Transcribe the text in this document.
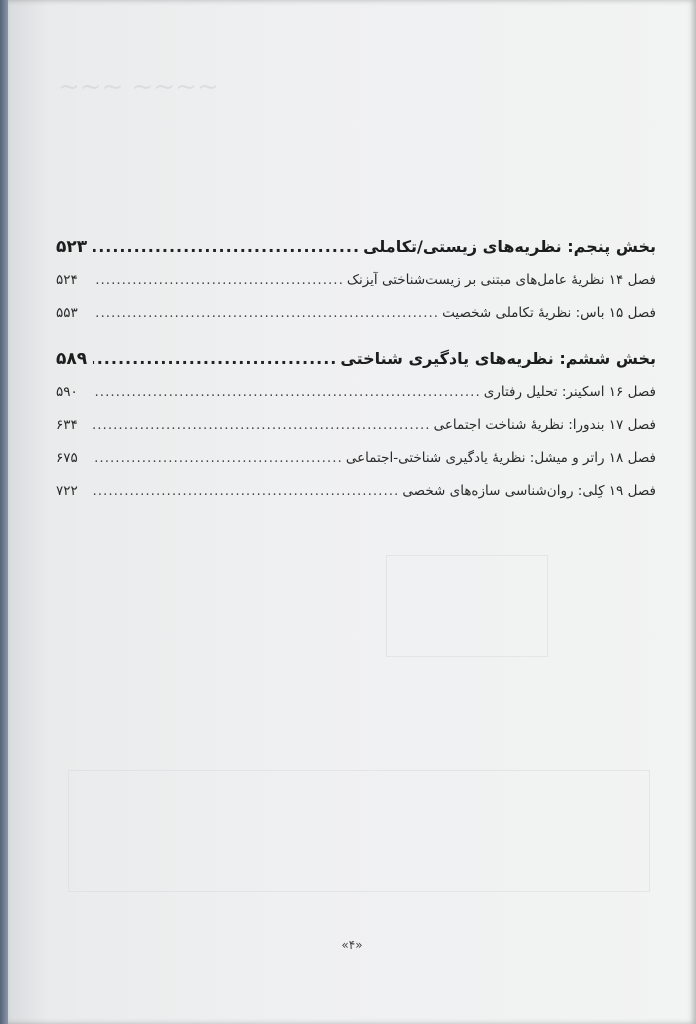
~~~~ ~~~
بخش پنجم: نظریه‌های زیستی/تکاملی
.....
۵۲۳
فصل ۱۴ نظریهٔ عامل‌های مبتنی بر زیست‌شناختی آیزنک
.....
۵۲۴
فصل ۱۵ باس: نظریهٔ تکاملی شخصیت
.....
۵۵۳
بخش ششم: نظریه‌های یادگیری شناختی
.....
۵۸۹
فصل ۱۶ اسکینر: تحلیل رفتاری
.....
۵۹۰
فصل ۱۷ بندورا: نظریهٔ شناخت اجتماعی
.....
۶۳۴
فصل ۱۸ راتر و میشل: نظریهٔ یادگیری شناختی-اجتماعی
.....
۶۷۵
فصل ۱۹ کِلی: روان‌شناسی سازه‌های شخصی
.....
۷۲۲
«۴»
